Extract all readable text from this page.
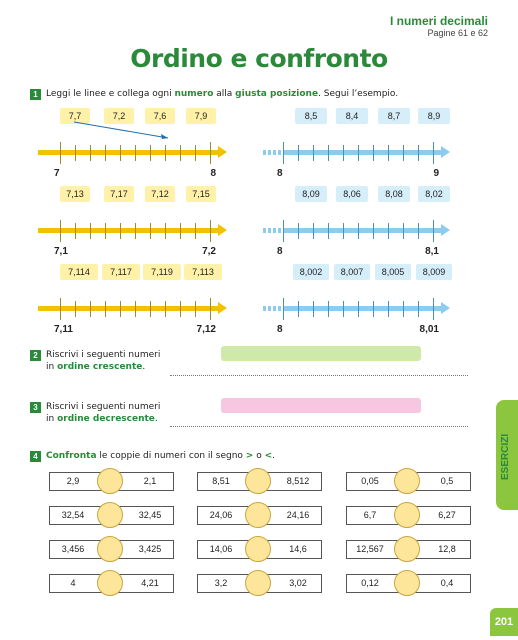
I numeri decimali
Pagine 61 e 62
Ordino e confronto
1 Leggi le linee e collega ogni numero alla giusta posizione. Segui l’esempio.
7,7	7,2	7,6	7,9
7	8
8,5	8,4	8,7	8,9
8	9
7,13	7,17	7,12	7,15
7,1	7,2
8,09	8,06	8,08	8,02
8	8,1
7,114	7,117	7,119	7,113
7,11	7,12
8,002	8,007	8,005	8,009
8	8,01
2 Riscrivi i seguenti numeri
in ordine crescente.
3 Riscrivi i seguenti numeri
in ordine decrescente.
4 Confronta le coppie di numeri con il segno > o <.
2,9	2,1	8,51	8,512	0,05	0,5
32,54	32,45	24,06	24,16	6,7	6,27
3,456	3,425	14,06	14,6	12,567	12,8
4	4,21	3,2	3,02	0,12	0,4
ESERCIZI
201
